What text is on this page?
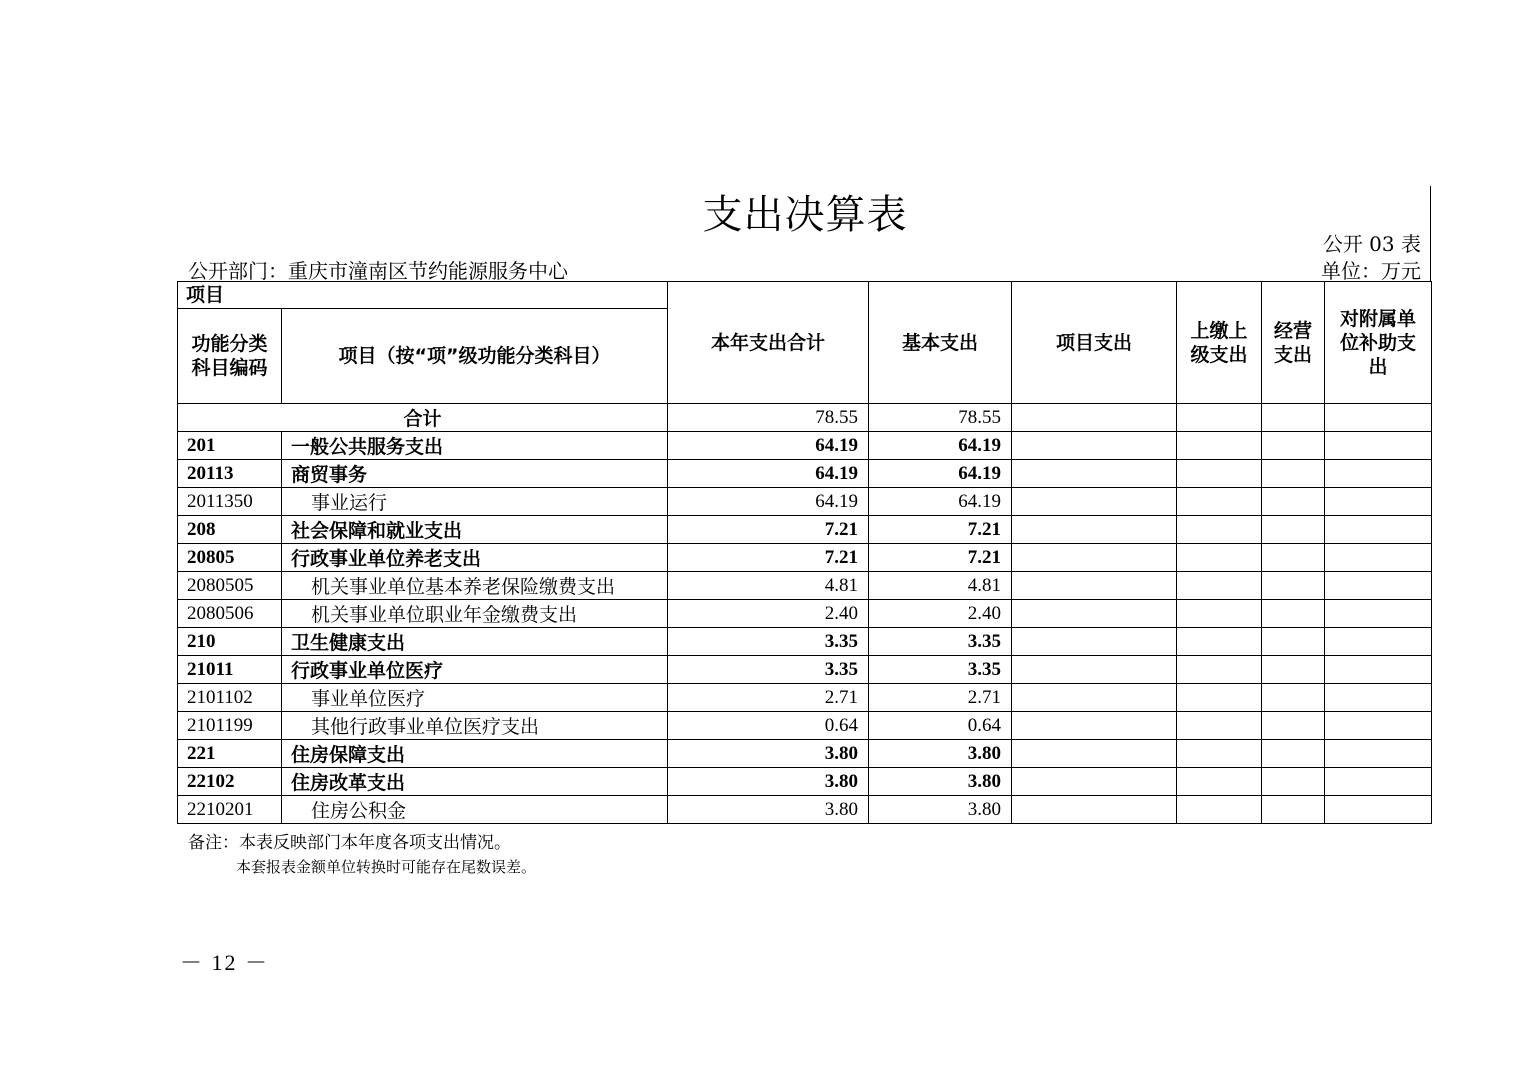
支出决算表
公开 03 表
公开部门：重庆市潼南区节约能源服务中心	单位：万元
项目		本年支出合计	基本支出	项目支出	上缴上级支出	经营支出	对附属单位补助支出
功能分类科目编码	项目（按“项”级功能分类科目）						
合计		78.55	78.55				
201	一般公共服务支出	64.19	64.19				
20113	商贸事务	64.19	64.19				
2011350	事业运行	64.19	64.19				
208	社会保障和就业支出	7.21	7.21				
20805	行政事业单位养老支出	7.21	7.21				
2080505	机关事业单位基本养老保险缴费支出	4.81	4.81				
2080506	机关事业单位职业年金缴费支出	2.40	2.40				
210	卫生健康支出	3.35	3.35				
21011	行政事业单位医疗	3.35	3.35				
2101102	事业单位医疗	2.71	2.71				
2101199	其他行政事业单位医疗支出	0.64	0.64				
221	住房保障支出	3.80	3.80				
22102	住房改革支出	3.80	3.80				
2210201	住房公积金	3.80	3.80				
备注：本表反映部门本年度各项支出情况。
本套报表金额单位转换时可能存在尾数误差。
－ 12 －
